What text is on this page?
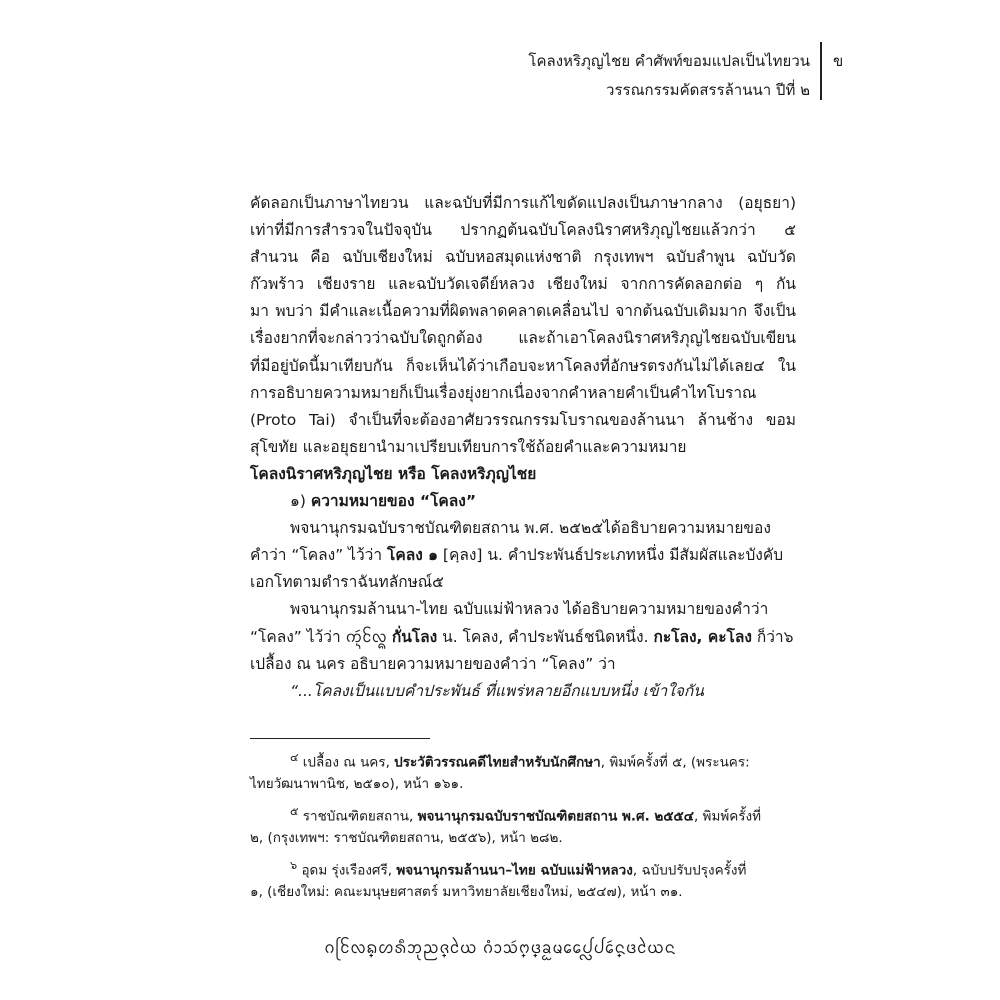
โคลงหริภุญไชย คำศัพท์ขอมแปลเป็นไทยวน
วรรณกรรมคัดสรรล้านนา ปีที่ ๒
ข
คัดลอกเป็นภาษาไทยวน และฉบับที่มีการแก้ไขดัดแปลงเป็นภาษากลาง (อยุธยา)
เท่าที่มีการสำรวจในปัจจุบัน ปรากฏต้นฉบับโคลงนิราศหริภุญไชยแล้วกว่า ๕
สำนวน คือ ฉบับเชียงใหม่ ฉบับหอสมุดแห่งชาติ กรุงเทพฯ ฉบับลำพูน ฉบับวัด
ก๊วพร้าว เชียงราย และฉบับวัดเจดีย์หลวง เชียงใหม่ จากการคัดลอกต่อ ๆ กัน
มา พบว่า มีคำและเนื้อความที่ผิดพลาดคลาดเคลื่อนไป จากต้นฉบับเดิมมาก จึงเป็น
เรื่องยากที่จะกล่าวว่าฉบับใดถูกต้อง และถ้าเอาโคลงนิราศหริภุญไชยฉบับเขียน
ที่มีอยู่บัดนี้มาเทียบกัน ก็จะเห็นได้ว่าเกือบจะหาโคลงที่อักษรตรงกันไม่ได้เลย๔ ใน
การอธิบายความหมายก็เป็นเรื่องยุ่งยากเนื่องจากคำหลายคำเป็นคำไทโบราณ
(Proto Tai) จำเป็นที่จะต้องอาศัยวรรณกรรมโบราณของล้านนา ล้านช้าง ขอม
สุโขทัย และอยุธยานำมาเปรียบเทียบการใช้ถ้อยคำและความหมาย
โคลงนิราศหริภุญไชย หรือ โคลงหริภุญไชย
๑) ความหมายของ “โคลง”
พจนานุกรมฉบับราชบัณฑิตยสถาน พ.ศ. ๒๕๒๕ได้อธิบายความหมายของ
คำว่า “โคลง” ไว้ว่า โคลง ๑ [คฺลง] น. คำประพันธ์ประเภทหนึ่ง มีสัมผัสและบังคับ
เอกโทตามตำราฉันทลักษณ์๕
พจนานุกรมล้านนา-ไทย ฉบับแม่ฟ้าหลวง ได้อธิบายความหมายของคำว่า
“โคลง” ไว้ว่า ᨠᩢ᩠ᨶᩰᩃ᩠ᨦ กั่นโลง น. โคลง, คำประพันธ์ชนิดหนึ่ง. กะโลง, คะโลง ก็ว่า๖
เปลื้อง ณ นคร อธิบายความหมายของคำว่า “โคลง” ว่า
“...โคลงเป็นแบบคำประพันธ์ ที่แพร่หลายอีกแบบหนึ่ง เข้าใจกัน
$^๔$ เปลื้อง ณ นคร, ประวัติวรรณคดีไทยสำหรับนักศึกษา, พิมพ์ครั้งที่ ๕, (พระนคร:
ไทยวัฒนาพานิช, ๒๕๑๐), หน้า ๑๖๑.
$^๕$ ราชบัณฑิตยสถาน, พจนานุกรมฉบับราชบัณฑิตยสถาน พ.ศ. ๒๕๕๔, พิมพ์ครั้งที่
๒, (กรุงเทพฯ: ราชบัณฑิตยสถาน, ๒๕๕๖), หน้า ๒๘๒.
$^๖$ อุดม รุ่งเรืองศรี, พจนานุกรมล้านนา–ไทย ฉบับแม่ฟ้าหลวง, ฉบับปรับปรุงครั้งที่
๑, (เชียงใหม่: คณะมนุษยศาสตร์ มหาวิทยาลัยเชียงใหม่, ๒๕๔๗), หน้า ๓๑.
ᨣᩕᩰᩃ᩠ᨦᩉᩁᩥᨽᩩᨬ᩠ᨩᩱᨿ ᨣᩴᩣᩈᩢ᩠ᨻ᩠ᨴᨡᩬᨾᩯᨸᩖᨸᩮᩢ᩠ᨶᨴᩱᨿᨶ
